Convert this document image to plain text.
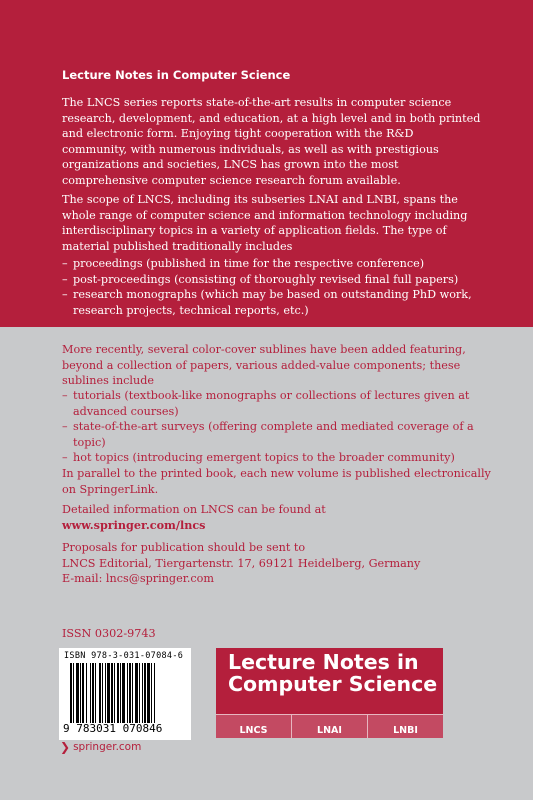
Lecture Notes in Computer Science
The LNCS series reports state-of-the-art results in computer science research, development, and education, at a high level and in both printed and electronic form. Enjoying tight cooperation with the R&D community, with numerous individuals, as well as with prestigious organizations and societies, LNCS has grown into the most comprehensive computer science research forum available.
The scope of LNCS, including its subseries LNAI and LNBI, spans the whole range of computer science and information technology including interdisciplinary topics in a variety of application fields. The type of material published traditionally includes
– proceedings (published in time for the respective conference)
– post-proceedings (consisting of thoroughly revised final full papers)
– research monographs (which may be based on outstanding PhD work, research projects, technical reports, etc.)
More recently, several color-cover sublines have been added featuring, beyond a collection of papers, various added-value components; these sublines include
– tutorials (textbook-like monographs or collections of lectures given at advanced courses)
– state-of-the-art surveys (offering complete and mediated coverage of a topic)
– hot topics (introducing emergent topics to the broader community)
In parallel to the printed book, each new volume is published electronically on SpringerLink.
Detailed information on LNCS can be found at
www.springer.com/lncs
Proposals for publication should be sent to
LNCS Editorial, Tiergartenstr. 17, 69121 Heidelberg, Germany
E-mail: lncs@springer.com
ISSN 0302-9743
ISBN 978-3-031-07084-6
9 783031 070846
Lecture Notes in
Computer Science
LNCS	LNAI	LNBI
❯ springer.com
